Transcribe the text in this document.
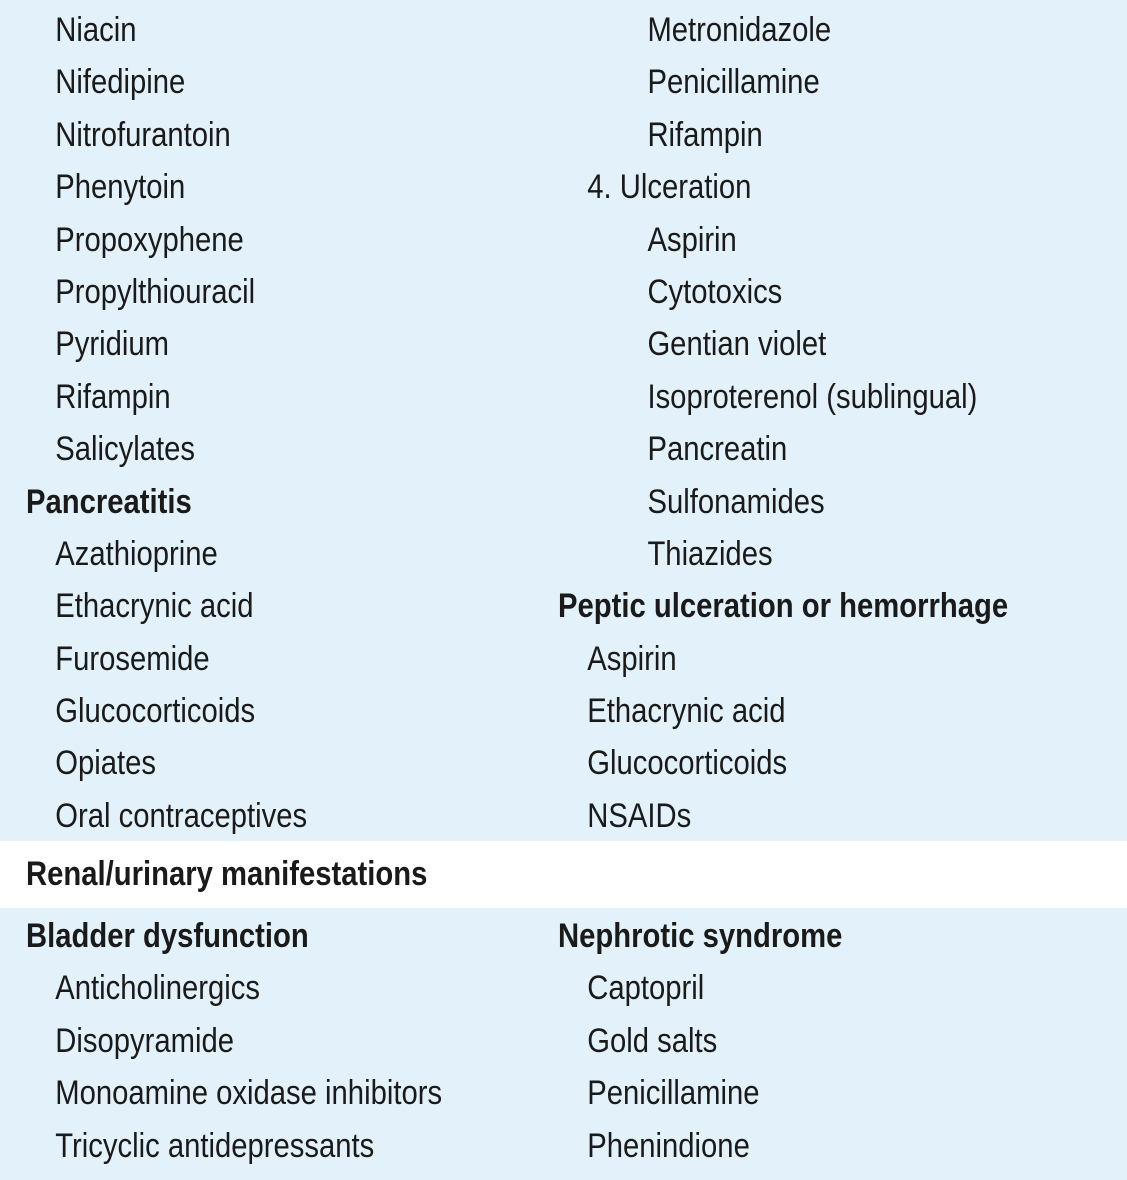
Niacin
Nifedipine
Nitrofurantoin
Phenytoin
Propoxyphene
Propylthiouracil
Pyridium
Rifampin
Salicylates
Pancreatitis
Azathioprine
Ethacrynic acid
Furosemide
Glucocorticoids
Opiates
Oral contraceptives
Metronidazole
Penicillamine
Rifampin
4. Ulceration
Aspirin
Cytotoxics
Gentian violet
Isoproterenol (sublingual)
Pancreatin
Sulfonamides
Thiazides
Peptic ulceration or hemorrhage
Aspirin
Ethacrynic acid
Glucocorticoids
NSAIDs
Renal/urinary manifestations
Bladder dysfunction
Anticholinergics
Disopyramide
Monoamine oxidase inhibitors
Tricyclic antidepressants
Nephrotic syndrome
Captopril
Gold salts
Penicillamine
Phenindione
